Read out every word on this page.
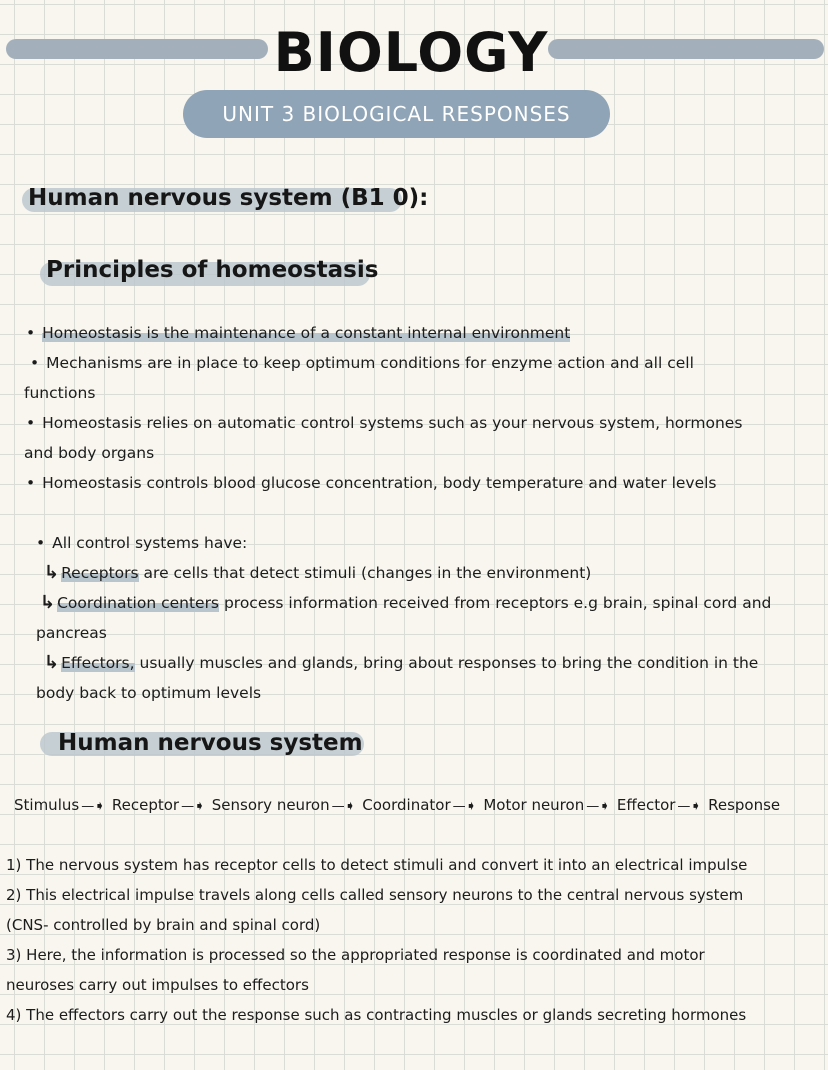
BIOLOGY
UNIT 3 BIOLOGICAL RESPONSES
Human nervous system (B1 0):
Principles of homeostasis
• Homeostasis is the maintenance of a constant internal environment
• Mechanisms are in place to keep optimum conditions for enzyme action and all cell
functions
• Homeostasis relies on automatic control systems such as your nervous system, hormones
and body organs
• Homeostasis controls blood glucose concentration, body temperature and water levels
• All control systems have:
↳ Receptors are cells that detect stimuli (changes in the environment)
↳ Coordination centers process information received from receptors e.g brain, spinal cord and
pancreas
↳ Effectors, usually muscles and glands, bring about responses to bring the condition in the
body back to optimum levels
Human nervous system
Stimulus —➧ Receptor —➧ Sensory neuron —➧ Coordinator —➧ Motor neuron —➧ Effector —➧ Response
1) The nervous system has receptor cells to detect stimuli and convert it into an electrical impulse
2) This electrical impulse travels along cells called sensory neurons to the central nervous system
(CNS- controlled by brain and spinal cord)
3) Here, the information is processed so the appropriated response is coordinated and motor
neuroses carry out impulses to effectors
4) The effectors carry out the response such as contracting muscles or glands secreting hormones
